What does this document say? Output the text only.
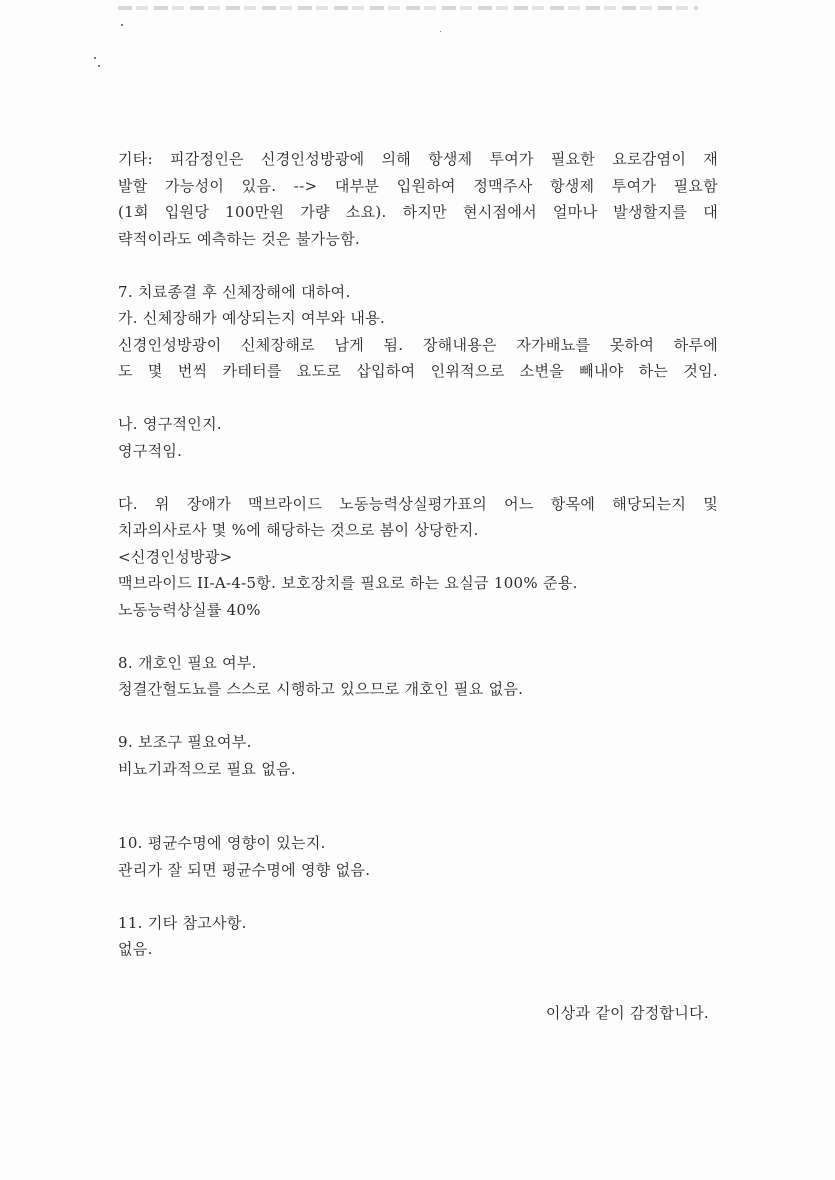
기타: 피감정인은 신경인성방광에 의해 항생제 투여가 필요한 요로감염이 재
발할 가능성이 있음. --> 대부분 입원하여 정맥주사 항생제 투여가 필요함
(1회 입원당 100만원 가량 소요). 하지만 현시점에서 얼마나 발생할지를 대
략적이라도 예측하는 것은 불가능함.
7. 치료종결 후 신체장해에 대하여.
가. 신체장해가 예상되는지 여부와 내용.
신경인성방광이 신체장해로 남게 됨. 장해내용은 자가배뇨를 못하여 하루에
도 몇 번씩 카테터를 요도로 삽입하여 인위적으로 소변을 빼내야 하는 것임.
나. 영구적인지.
영구적임.
다. 위 장애가 맥브라이드 노동능력상실평가표의 어느 항목에 해당되는지 및
치과의사로사 몇 %에 해당하는 것으로 봄이 상당한지.
<신경인성방광>
맥브라이드 II-A-4-5항. 보호장치를 필요로 하는 요실금 100% 준용.
노동능력상실률 40%
8. 개호인 필요 여부.
청결간헐도뇨를 스스로 시행하고 있으므로 개호인 필요 없음.
9. 보조구 필요여부.
비뇨기과적으로 필요 없음.
10. 평균수명에 영향이 있는지.
관리가 잘 되면 평균수명에 영향 없음.
11. 기타 참고사항.
없음.
이상과 같이 감정합니다.
